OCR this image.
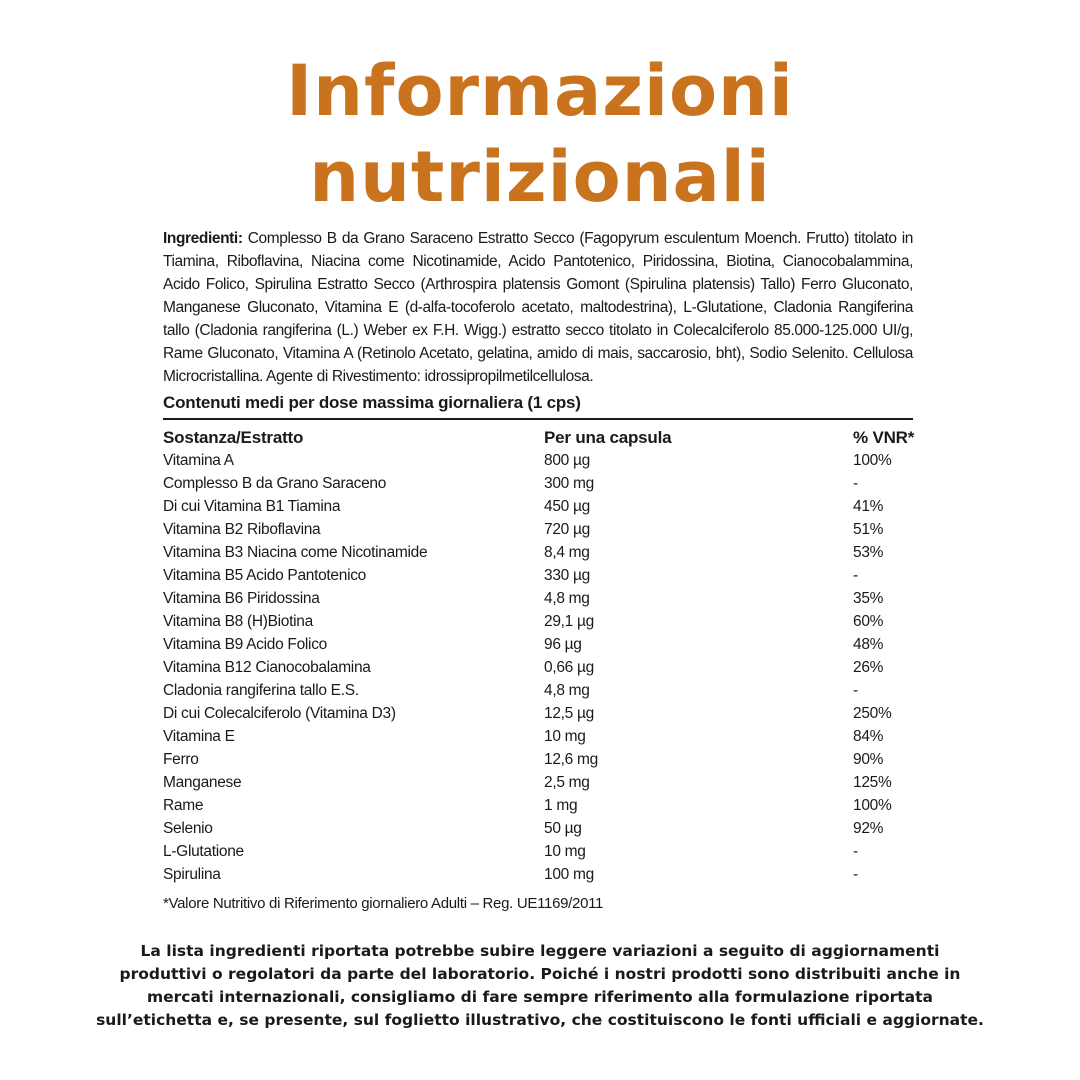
Informazioni
nutrizionali

Ingredienti: Complesso B da Grano Saraceno Estratto Secco (Fagopyrum esculentum Moench. Frutto) titolato in Tiamina, Riboflavina, Niacina come Nicotinamide, Acido Pantotenico, Piridossina, Biotina, Cianocobalammina, Acido Folico, Spirulina Estratto Secco (Arthrospira platensis Gomont (Spirulina platensis) Tallo) Ferro Gluconato, Manganese Gluconato, Vitamina E (d-alfa-tocoferolo acetato, maltodestrina), L-Glutatione, Cladonia Rangiferina tallo (Cladonia rangiferina (L.) Weber ex F.H. Wigg.) estratto secco titolato in Colecalciferolo 85.000-125.000 UI/g, Rame Gluconato, Vitamina A (Retinolo Acetato, gelatina, amido di mais, saccarosio, bht), Sodio Selenito. Cellulosa Microcristallina. Agente di Rivestimento: idrossipropilmetilcellulosa.

Contenuti medi per dose massima giornaliera (1 cps)
Sostanza/Estratto	Per una capsula	% VNR*
Vitamina A	800 µg	100%
Complesso B da Grano Saraceno	300 mg	-
Di cui Vitamina B1 Tiamina	450 µg	41%
Vitamina B2 Riboflavina	720 µg	51%
Vitamina B3 Niacina come Nicotinamide	8,4 mg	53%
Vitamina B5 Acido Pantotenico	330 µg	-
Vitamina B6 Piridossina	4,8 mg	35%
Vitamina B8 (H)Biotina	29,1 µg	60%
Vitamina B9 Acido Folico	96 µg	48%
Vitamina B12 Cianocobalamina	0,66 µg	26%
Cladonia rangiferina tallo E.S.	4,8 mg	-
Di cui Colecalciferolo (Vitamina D3)	12,5 µg	250%
Vitamina E	10 mg	84%
Ferro	12,6 mg	90%
Manganese	2,5 mg	125%
Rame	1 mg	100%
Selenio	50 µg	92%
L-Glutatione	10 mg	-
Spirulina	100 mg	-
*Valore Nutritivo di Riferimento giornaliero Adulti – Reg. UE1169/2011
La lista ingredienti riportata potrebbe subire leggere variazioni a seguito di aggiornamenti
produttivi o regolatori da parte del laboratorio. Poiché i nostri prodotti sono distribuiti anche in
mercati internazionali, consigliamo di fare sempre riferimento alla formulazione riportata
sull’etichetta e, se presente, sul foglietto illustrativo, che costituiscono le fonti ufficiali e aggiornate.
